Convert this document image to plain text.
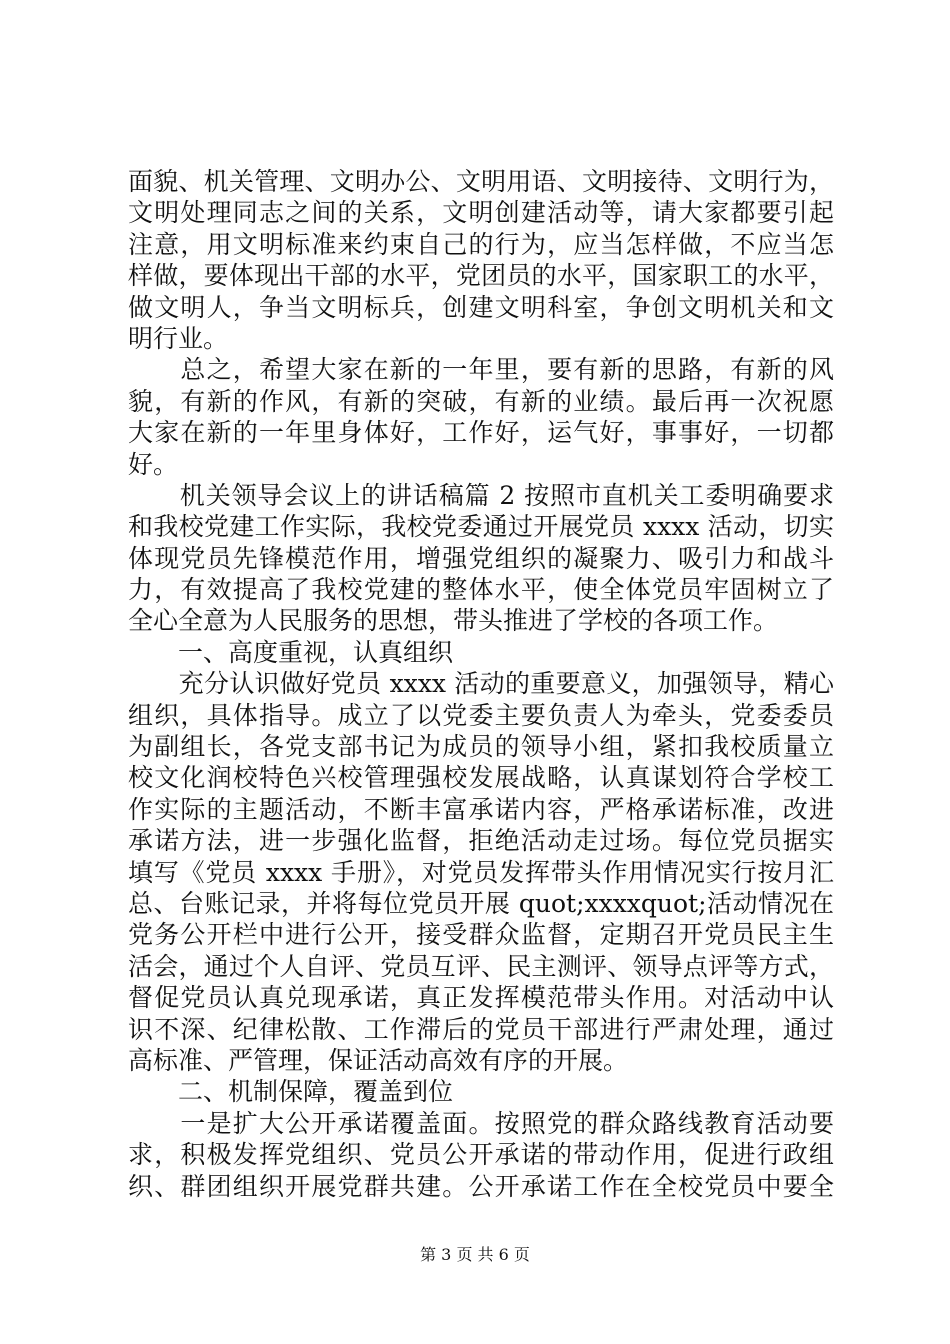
面貌、机关管理、文明办公、文明用语、文明接待、文明行为，
文明处理同志之间的关系，文明创建活动等，请大家都要引起
注意，用文明标准来约束自己的行为，应当怎样做，不应当怎
样做，要体现出干部的水平，党团员的水平，国家职工的水平，
做文明人，争当文明标兵，创建文明科室，争创文明机关和文
明行业。
　　总之，希望大家在新的一年里，要有新的思路，有新的风
貌，有新的作风，有新的突破，有新的业绩。最后再一次祝愿
大家在新的一年里身体好，工作好，运气好，事事好，一切都
好。
　　机关领导会议上的讲话稿篇 2 按照市直机关工委明确要求
和我校党建工作实际，我校党委通过开展党员 xxxx 活动，切实
体现党员先锋模范作用，增强党组织的凝聚力、吸引力和战斗
力，有效提高了我校党建的整体水平，使全体党员牢固树立了
全心全意为人民服务的思想，带头推进了学校的各项工作。
　　一、高度重视，认真组织
　　充分认识做好党员 xxxx 活动的重要意义，加强领导，精心
组织，具体指导。成立了以党委主要负责人为牵头，党委委员
为副组长，各党支部书记为成员的领导小组，紧扣我校质量立
校文化润校特色兴校管理强校发展战略，认真谋划符合学校工
作实际的主题活动，不断丰富承诺内容，严格承诺标准，改进
承诺方法，进一步强化监督，拒绝活动走过场。每位党员据实
填写《党员 xxxx 手册》，对党员发挥带头作用情况实行按月汇
总、台账记录，并将每位党员开展 quot;xxxxquot;活动情况在
党务公开栏中进行公开，接受群众监督，定期召开党员民主生
活会，通过个人自评、党员互评、民主测评、领导点评等方式，
督促党员认真兑现承诺，真正发挥模范带头作用。对活动中认
识不深、纪律松散、工作滞后的党员干部进行严肃处理，通过
高标准、严管理，保证活动高效有序的开展。
　　二、机制保障，覆盖到位
　　一是扩大公开承诺覆盖面。按照党的群众路线教育活动要
求，积极发挥党组织、党员公开承诺的带动作用，促进行政组
织、群团组织开展党群共建。公开承诺工作在全校党员中要全
第 3 页 共 6 页
